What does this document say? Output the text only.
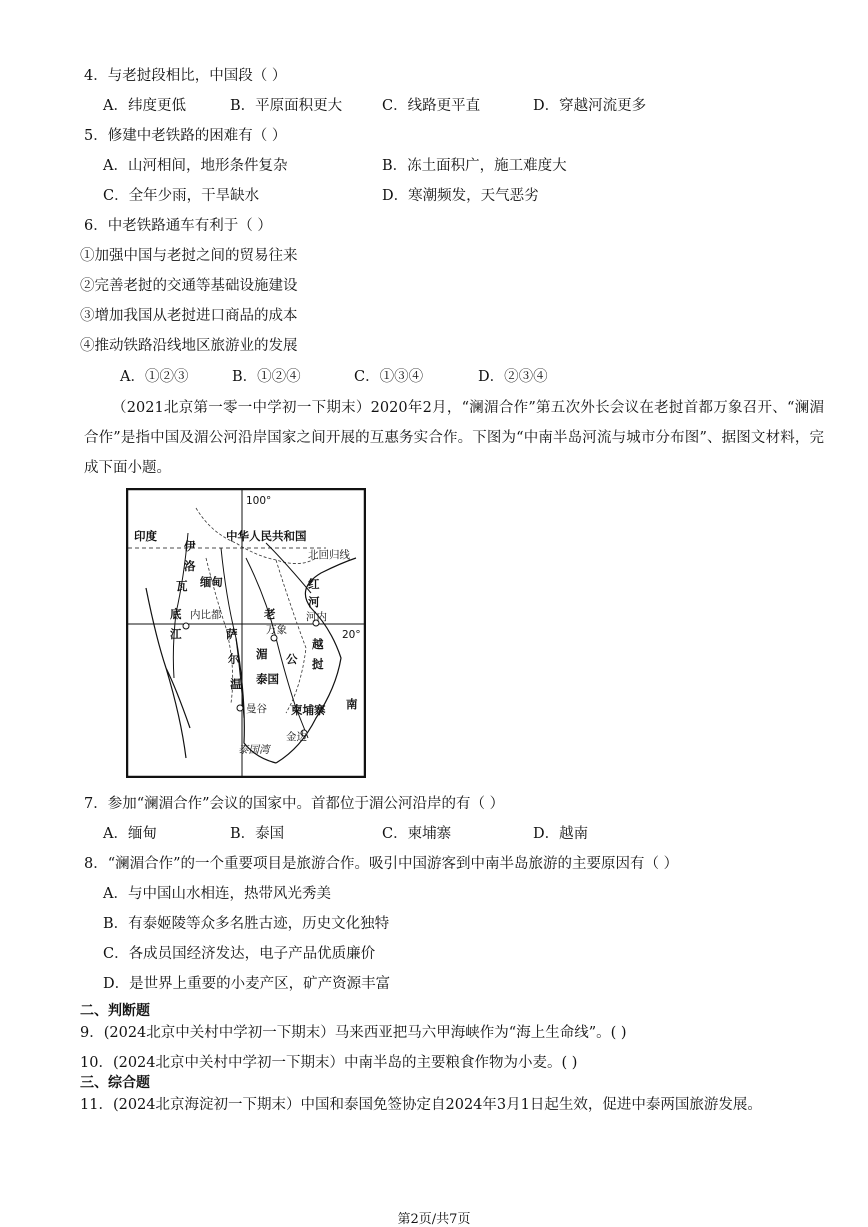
4．与老挝段相比，中国段（ ）
A．纬度更低	B．平原面积更大	C．线路更平直	D．穿越河流更多
5．修建中老铁路的困难有（ ）
A．山河相间，地形条件复杂	B．冻土面积广，施工难度大
C．全年少雨，干旱缺水	D．寒潮频发，天气恶劣
6．中老铁路通车有利于（ ）
①加强中国与老挝之间的贸易往来
②完善老挝的交通等基础设施建设
③增加我国从老挝进口商品的成本
④推动铁路沿线地区旅游业的发展
A．①②③	B．①②④	C．①③④	D．②③④
（2021北京第一零一中学初一下期末）2020年2月，“澜湄合作”第五次外长会议在老挝首都万象召开、“澜湄合作”是指中国及湄公河沿岸国家之间开展的互惠务实合作。下图为“中南半岛河流与城市分布图”、据图文材料，完成下面小题。
100°
印度	中华人民共和国
北回归线
伊
洛
瓦
底
江
缅甸
内比都
萨
尔
温
老
红
河
河内
万象	20°
湄 公
越
挝
泰国
南
曼谷 柬埔寨
金边
泰国湾
7．参加“澜湄合作”会议的国家中。首都位于湄公河沿岸的有（ ）
A．缅甸	B．泰国	C．柬埔寨	D．越南
8．“澜湄合作”的一个重要项目是旅游合作。吸引中国游客到中南半岛旅游的主要原因有（ ）
A．与中国山水相连，热带风光秀美
B．有泰姬陵等众多名胜古迹，历史文化独特
C．各成员国经济发达，电子产品优质廉价
D．是世界上重要的小麦产区，矿产资源丰富
二、判断题
9．(2024北京中关村中学初一下期末）马来西亚把马六甲海峡作为“海上生命线”。( )
10．(2024北京中关村中学初一下期末）中南半岛的主要粮食作物为小麦。( )
三、综合题
11．(2024北京海淀初一下期末）中国和泰国免签协定自2024年3月1日起生效，促进中泰两国旅游发展。
第2页/共7页
